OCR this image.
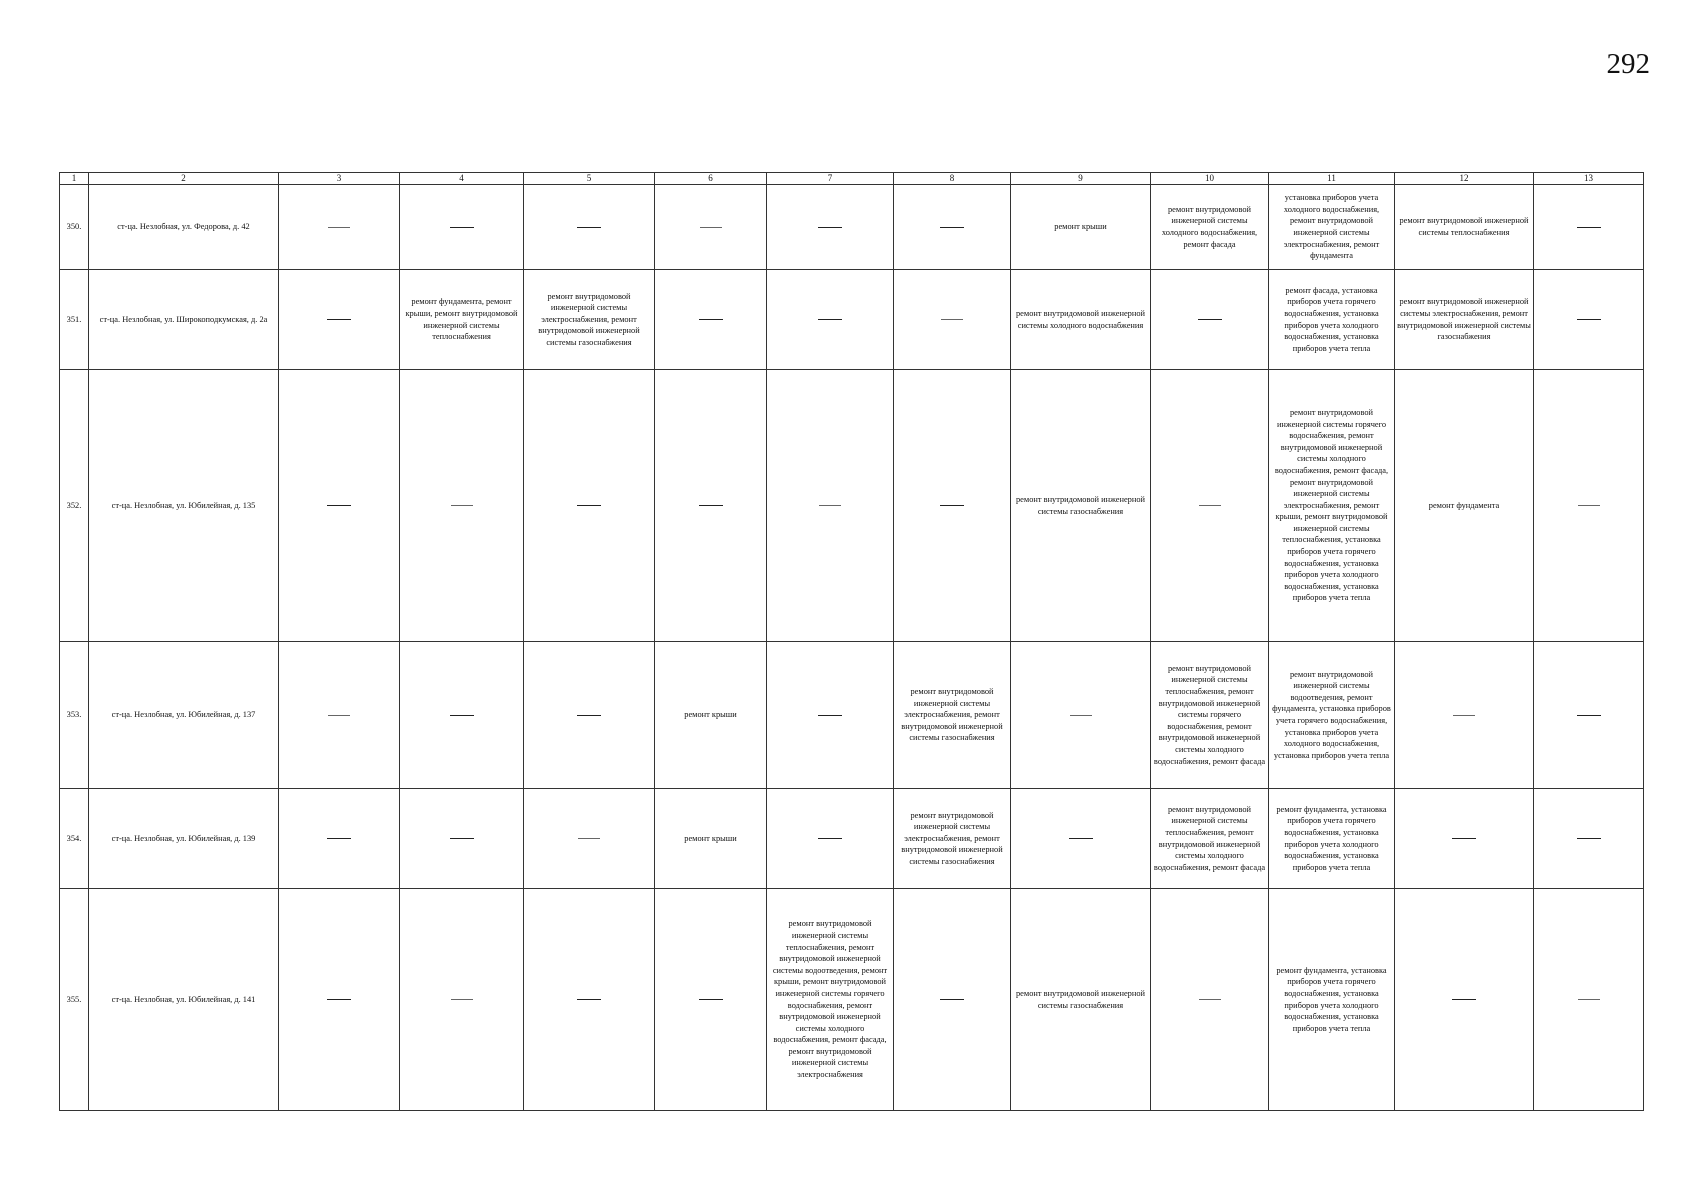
292
1	2	3	4	5	6	7	8	9	10	11	12	13
350.	ст-ца. Незлобная, ул. Федорова, д. 42							ремонт крыши	ремонт внутридомовой инженерной системы холодного водоснабжения, ремонт фасада	установка приборов учета холодного водоснабжения, ремонт внутридомовой инженерной системы электроснабжения, ремонт фундамента	ремонт внутридомовой инженерной системы теплоснабжения	
351.	ст-ца. Незлобная, ул. Широкоподкумская, д. 2а		ремонт фундамента, ремонт крыши, ремонт внутридомовой инженерной системы теплоснабжения	ремонт внутридомовой инженерной системы электроснабжения, ремонт внутридомовой инженерной системы газоснабжения				ремонт внутридомовой инженерной системы холодного водоснабжения		ремонт фасада, установка приборов учета горячего водоснабжения, установка приборов учета холодного водоснабжения, установка приборов учета тепла	ремонт внутридомовой инженерной системы электроснабжения, ремонт внутридомовой инженерной системы газоснабжения	
352.	ст-ца. Незлобная, ул. Юбилейная, д. 135							ремонт внутридомовой инженерной системы газоснабжения		ремонт внутридомовой инженерной системы горячего водоснабжения, ремонт внутридомовой инженерной системы холодного водоснабжения, ремонт фасада, ремонт внутридомовой инженерной системы электроснабжения, ремонт крыши, ремонт внутридомовой инженерной системы теплоснабжения, установка приборов учета горячего водоснабжения, установка приборов учета холодного водоснабжения, установка приборов учета тепла	ремонт фундамента	
353.	ст-ца. Незлобная, ул. Юбилейная, д. 137				ремонт крыши		ремонт внутридомовой инженерной системы электроснабжения, ремонт внутридомовой инженерной системы газоснабжения		ремонт внутридомовой инженерной системы теплоснабжения, ремонт внутридомовой инженерной системы горячего водоснабжения, ремонт внутридомовой инженерной системы холодного водоснабжения, ремонт фасада	ремонт внутридомовой инженерной системы водоотведения, ремонт фундамента, установка приборов учета горячего водоснабжения, установка приборов учета холодного водоснабжения, установка приборов учета тепла		
354.	ст-ца. Незлобная, ул. Юбилейная, д. 139				ремонт крыши		ремонт внутридомовой инженерной системы электроснабжения, ремонт внутридомовой инженерной системы газоснабжения		ремонт внутридомовой инженерной системы теплоснабжения, ремонт внутридомовой инженерной системы холодного водоснабжения, ремонт фасада	ремонт фундамента, установка приборов учета горячего водоснабжения, установка приборов учета холодного водоснабжения, установка приборов учета тепла		
355.	ст-ца. Незлобная, ул. Юбилейная, д. 141					ремонт внутридомовой инженерной системы теплоснабжения, ремонт внутридомовой инженерной системы водоотведения, ремонт крыши, ремонт внутридомовой инженерной системы горячего водоснабжения, ремонт внутридомовой инженерной системы холодного водоснабжения, ремонт фасада, ремонт внутридомовой инженерной системы электроснабжения		ремонт внутридомовой инженерной системы газоснабжения		ремонт фундамента, установка приборов учета горячего водоснабжения, установка приборов учета холодного водоснабжения, установка приборов учета тепла		
